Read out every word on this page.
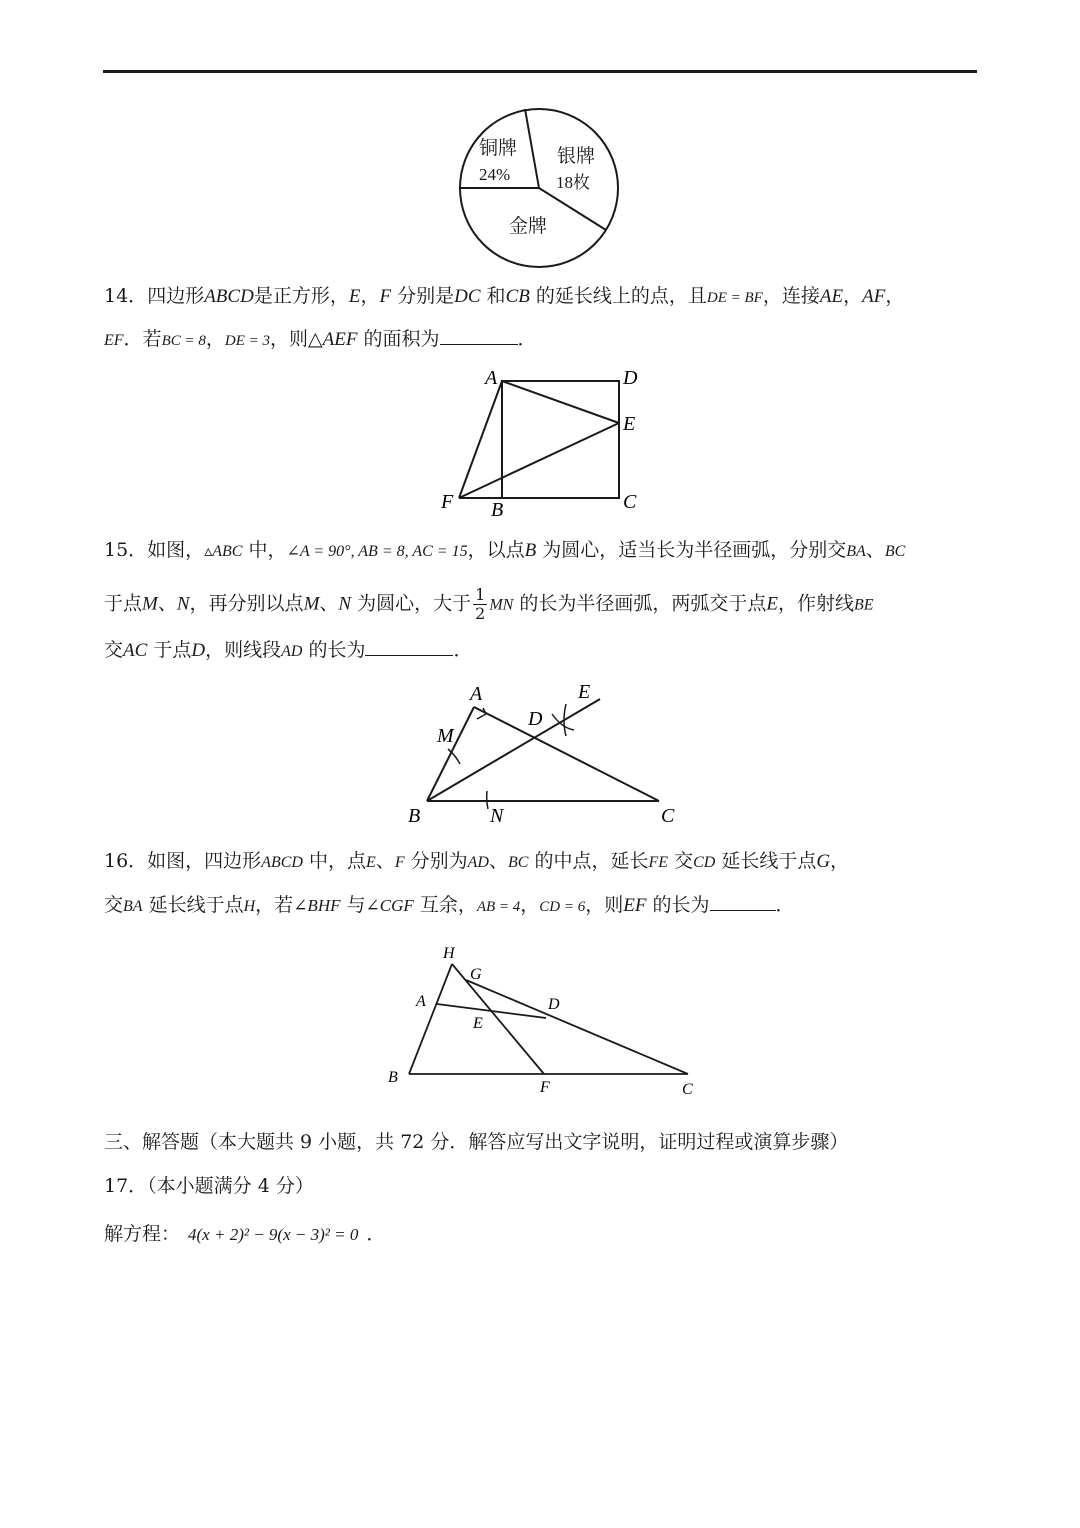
铜牌
24%
银牌
18枚
金牌
14．四边形ABCD是正方形，E，F 分别是DC 和CB 的延长线上的点，且DE = BF，连接AE，AF，
EF．若BC = 8，DE = 3，则△AEF 的面积为	．
A	D
E
F B	C
15．如图，▵ABC 中，∠A = 90°, AB = 8, AC = 15，以点B 为圆心，适当长为半径画弧，分别交BA、BC
于点M、N，再分别以点M、N 为圆心，大于 $\frac{1}{2}$ MN 的长为半径画弧，两弧交于点E，作射线BE
交AC 于点D，则线段AD 的长为	．
A	E
D
M
B	N	C
16．如图，四边形ABCD 中，点E、F 分别为AD、BC 的中点，延长FE 交CD 延长线于点G，
交BA 延长线于点H，若∠BHF 与∠CGF 互余，AB = 4，CD = 6，则EF 的长为	．
H
G
A	D
E
B
F	C
三、解答题（本大题共 9 小题，共 72 分．解答应写出文字说明，证明过程或演算步骤）
17．（本小题满分 4 分）
解方程： 4(x + 2)² − 9(x − 3)² = 0 ．
